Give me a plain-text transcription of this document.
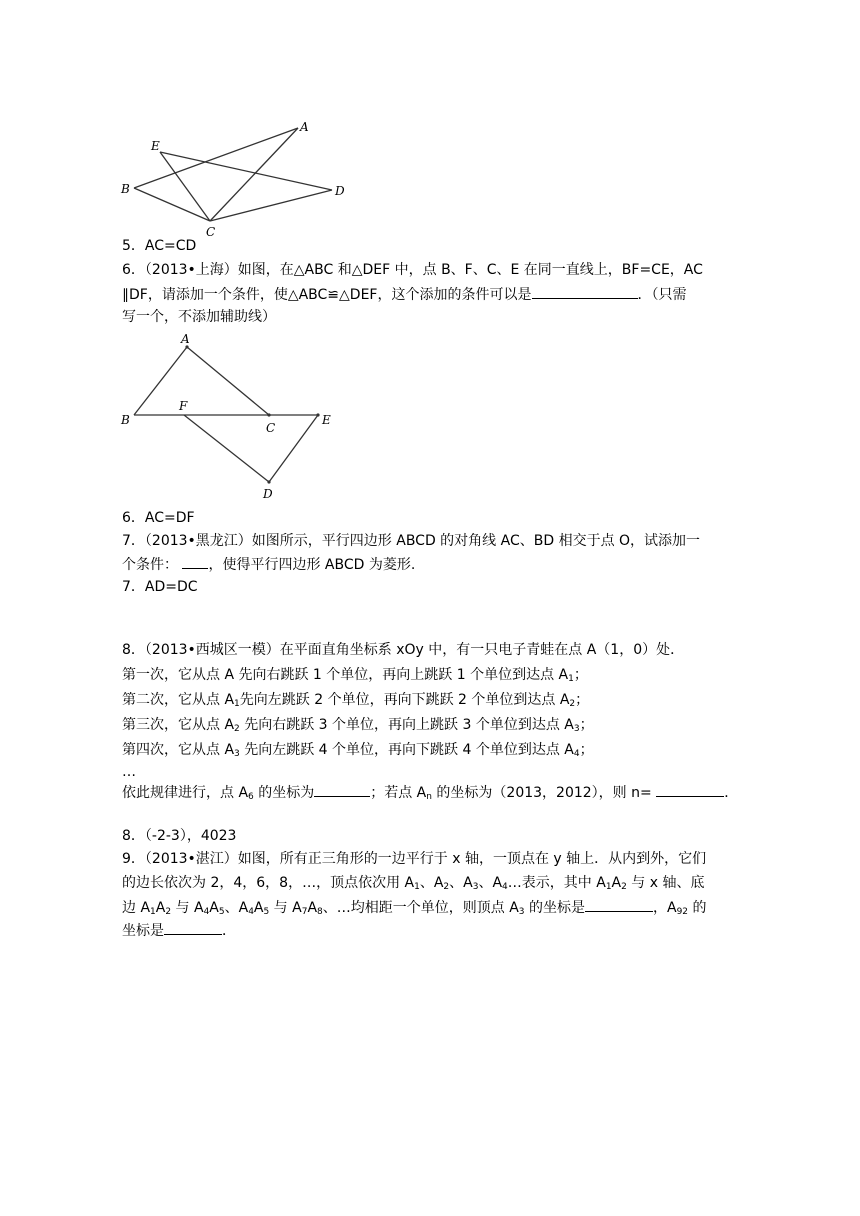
A
E
B	D
C
5．AC=CD
6．（2013•上海）如图，在△ABC 和△DEF 中，点 B、F、C、E 在同一直线上，BF=CE，AC
∥DF，请添加一个条件，使△ABC≌△DEF，这个添加的条件可以是	．（只需
写一个，不添加辅助线）
A
B
F
C
E
D
6．AC=DF
7．（2013•黑龙江）如图所示，平行四边形 ABCD 的对角线 AC、BD 相交于点 O，试添加一
个条件： ，使得平行四边形 ABCD 为菱形.
7．AD=DC
8．（2013•西城区一模）在平面直角坐标系 xOy 中，有一只电子青蛙在点 A（1，0）处．
第一次，它从点 A 先向右跳跃 1 个单位，再向上跳跃 1 个单位到达点 $A_1$；
第二次，它从点 $A_1$先向左跳跃 2 个单位，再向下跳跃 2 个单位到达点 $A_2$；
第三次，它从点 $A_2$ 先向右跳跃 3 个单位，再向上跳跃 3 个单位到达点 $A_3$；
第四次，它从点 $A_3$ 先向左跳跃 4 个单位，再向下跳跃 4 个单位到达点 $A_4$；
…
依此规律进行，点 $A_6$ 的坐标为	；若点 $A_n$ 的坐标为（2013，2012），则 n=	．
8．（-2-3），4023
9．（2013•湛江）如图，所有正三角形的一边平行于 x 轴，一顶点在 y 轴上．从内到外，它们
的边长依次为 2，4，6，8，…，顶点依次用 $A_1$、$A_2$、$A_3$、$A_4\dots$表示，其中 $A_1A_2$ 与 x 轴、底
边 $A_1A_2$ 与 $A_4A_5$、$A_4A_5$ 与 $A_7A_8$、…均相距一个单位，则顶点 $A_3$ 的坐标是	，$A_{92}$ 的
坐标是	．
